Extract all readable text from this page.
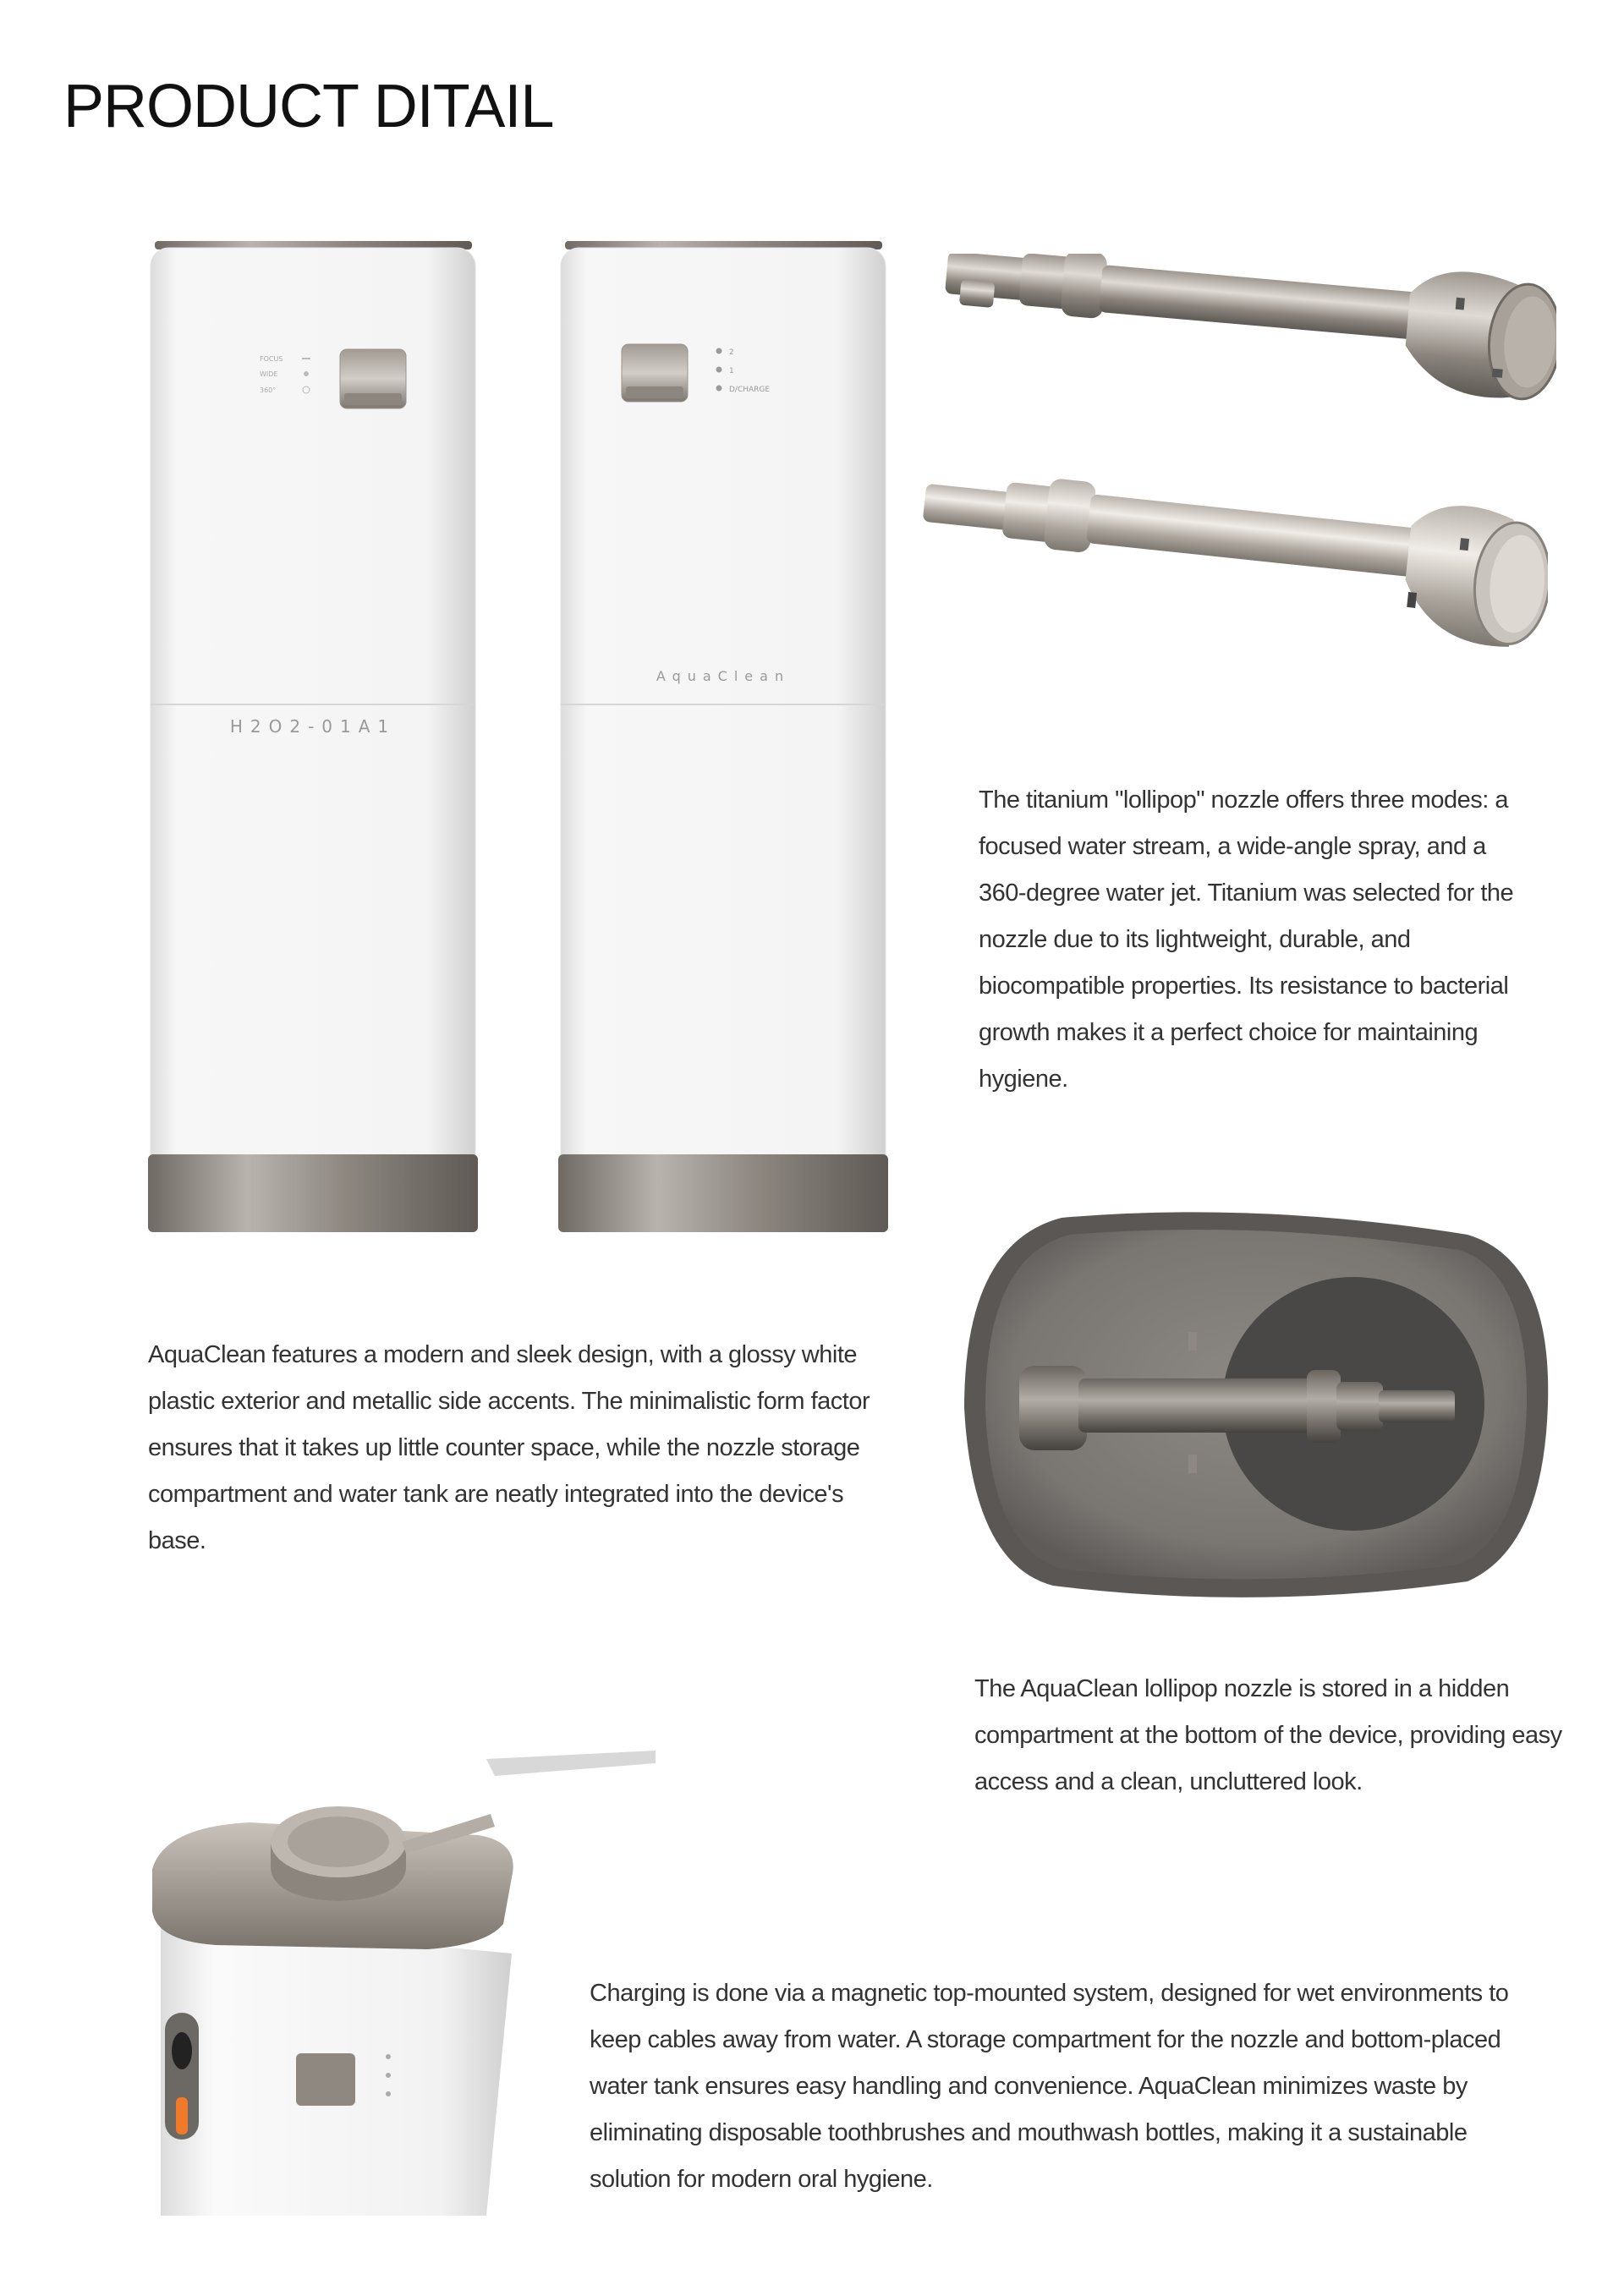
PRODUCT DITAIL
FOCUS
WIDE
360°
H2O2-01A1
2
1
D/CHARGE
AquaClean

The titanium "lollipop" nozzle offers three modes: a focused water stream, a wide-angle spray, and a 360-degree water jet. Titanium was selected for the nozzle due to its lightweight, durable, and biocompatible properties. Its resistance to bacterial growth makes it a perfect choice for maintaining hygiene.

AquaClean features a modern and sleek design, with a glossy white plastic exterior and metallic side accents. The minimalistic form factor ensures that it takes up little counter space, while the nozzle storage compartment and water tank are neatly integrated into the device's base.

The AquaClean lollipop nozzle is stored in a hidden compartment at the bottom of the device, providing easy access and a clean, uncluttered look.

Charging is done via a magnetic top-mounted system, designed for wet environments to keep cables away from water. A storage compartment for the nozzle and bottom-placed water tank ensures easy handling and convenience. AquaClean minimizes waste by eliminating disposable toothbrushes and mouthwash bottles, making it a sustainable solution for modern oral hygiene.
